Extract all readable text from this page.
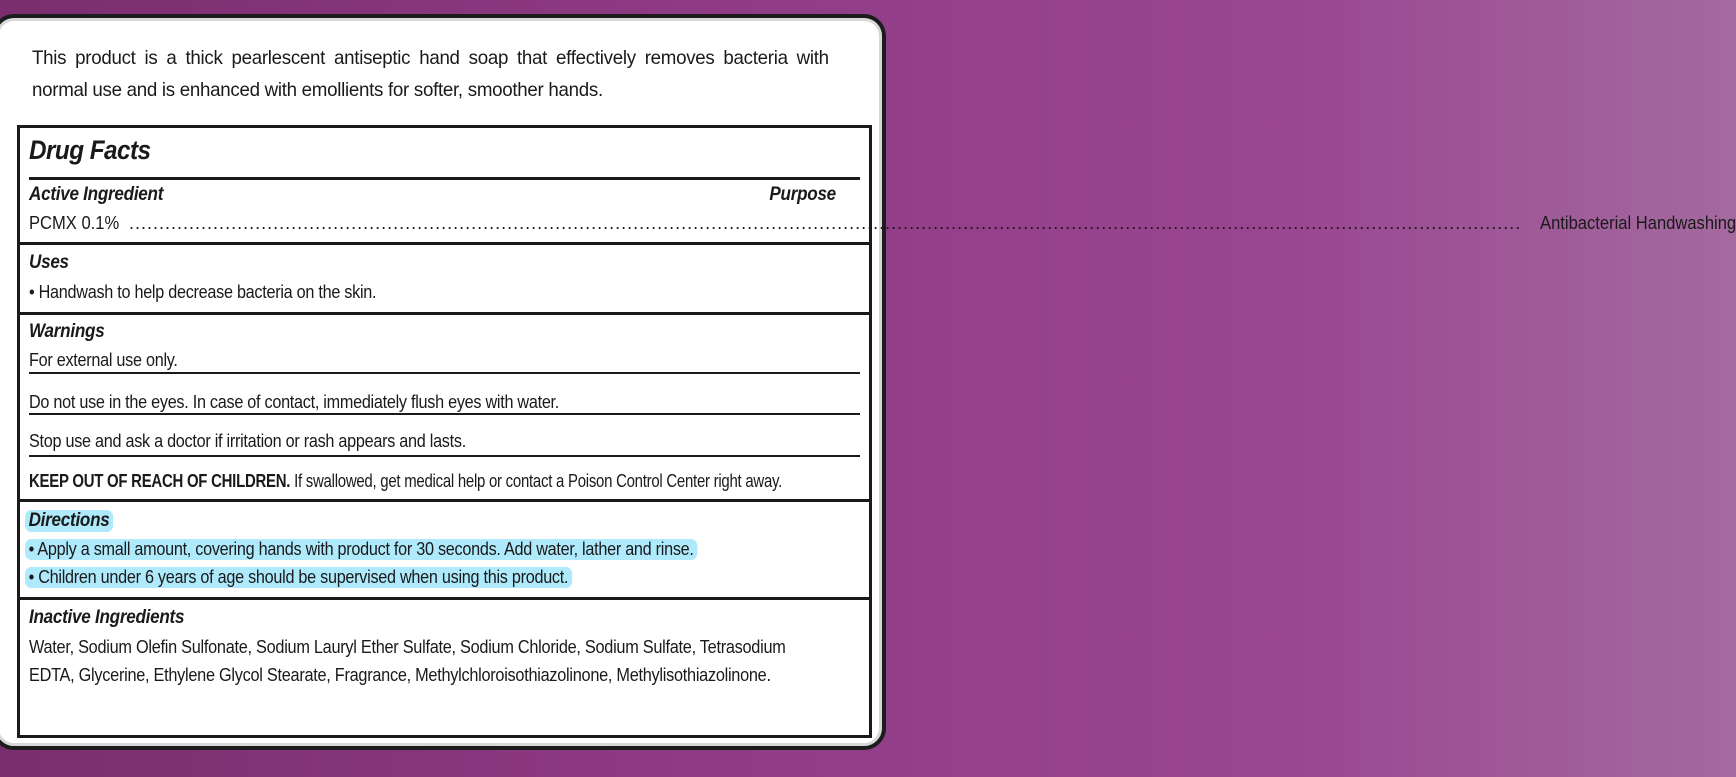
This product is a thick pearlescent antiseptic hand soap that effectively removes bacteria with normal use and is enhanced with emollients for softer, smoother hands.
Drug Facts
Active Ingredient	Purpose
PCMX 0.1% ........................................................................................................................................................................................................................................ Antibacterial Handwashing
Uses
• Handwash to help decrease bacteria on the skin.
Warnings
For external use only.
Do not use in the eyes. In case of contact, immediately flush eyes with water.
Stop use and ask a doctor if irritation or rash appears and lasts.
KEEP OUT OF REACH OF CHILDREN. If swallowed, get medical help or contact a Poison Control Center right away.
Directions
• Apply a small amount, covering hands with product for 30 seconds. Add water, lather and rinse.
• Children under 6 years of age should be supervised when using this product.
Inactive Ingredients
Water, Sodium Olefin Sulfonate, Sodium Lauryl Ether Sulfate, Sodium Chloride, Sodium Sulfate, Tetrasodium
EDTA, Glycerine, Ethylene Glycol Stearate, Fragrance, Methylchloroisothiazolinone, Methylisothiazolinone.
